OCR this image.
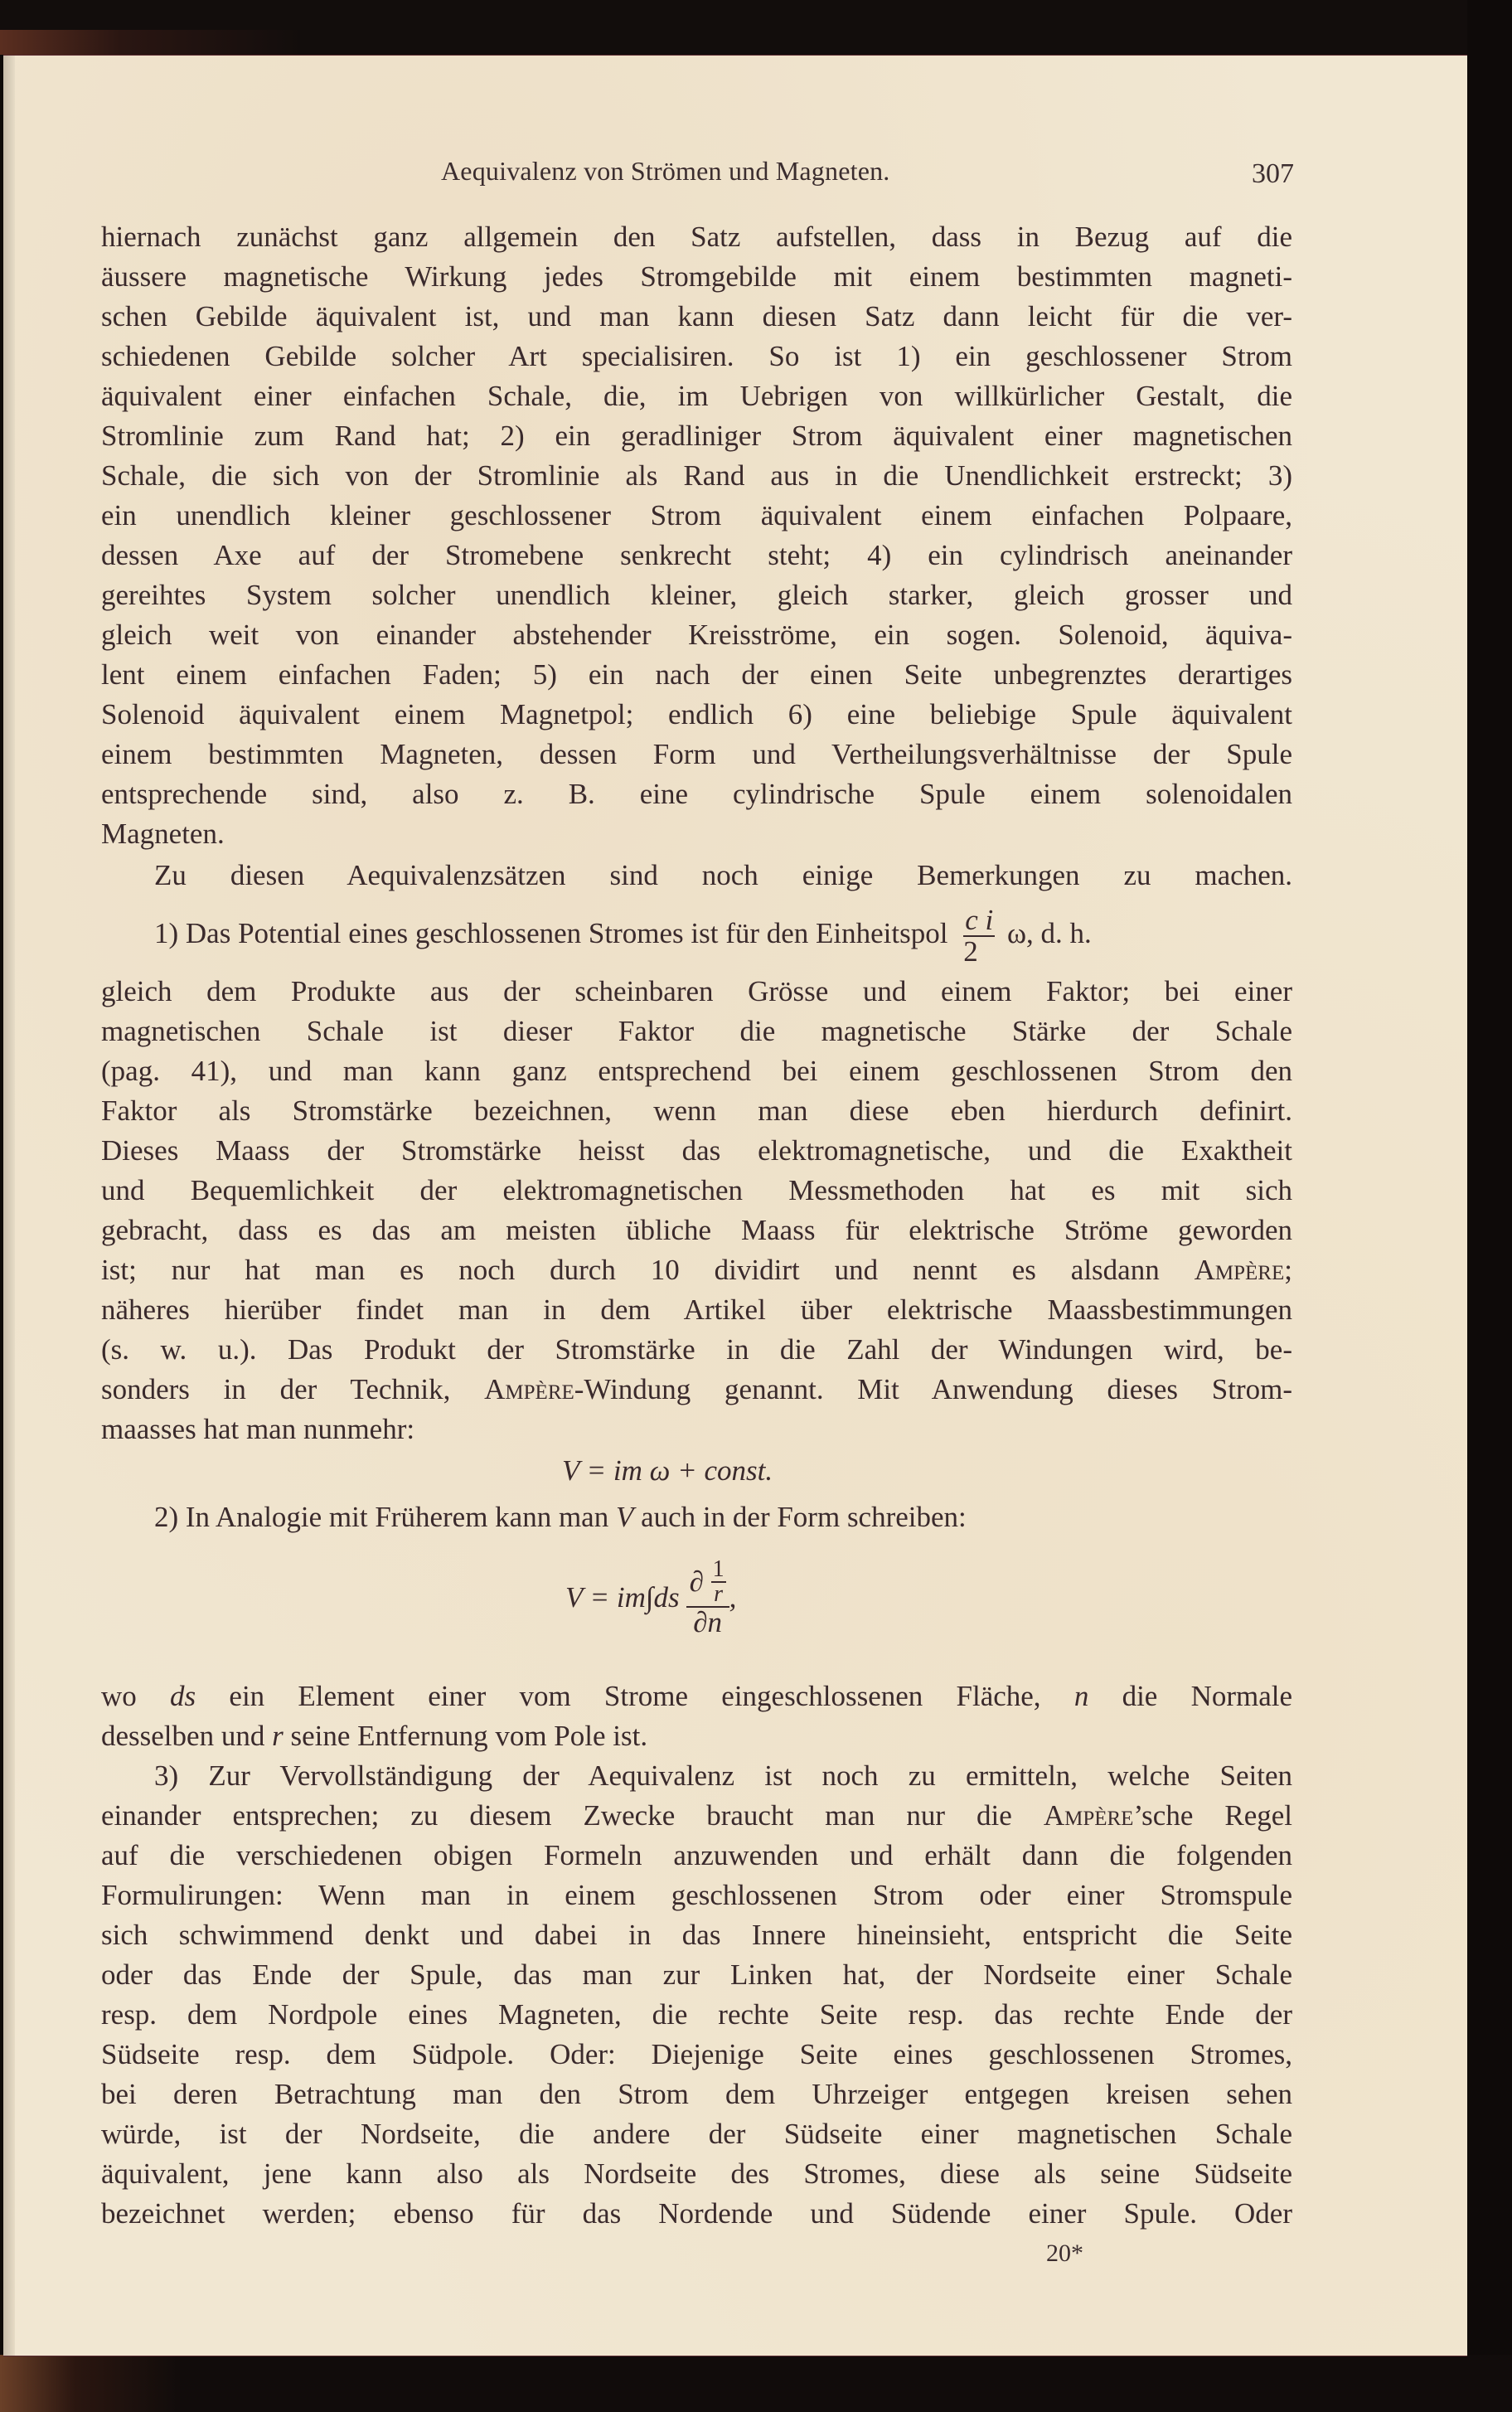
Aequivalenz von Strömen und Magneten.	307
hiernach zunächst ganz allgemein den Satz aufstellen, dass in Bezug auf die
äussere magnetische Wirkung jedes Stromgebilde mit einem bestimmten magneti-
schen Gebilde äquivalent ist, und man kann diesen Satz dann leicht für die ver-
schiedenen Gebilde solcher Art specialisiren. So ist 1) ein geschlossener Strom
äquivalent einer einfachen Schale, die, im Uebrigen von willkürlicher Gestalt, die
Stromlinie zum Rand hat; 2) ein geradliniger Strom äquivalent einer magnetischen
Schale, die sich von der Stromlinie als Rand aus in die Unendlichkeit erstreckt; 3)
ein unendlich kleiner geschlossener Strom äquivalent einem einfachen Polpaare,
dessen Axe auf der Stromebene senkrecht steht; 4) ein cylindrisch aneinander
gereihtes System solcher unendlich kleiner, gleich starker, gleich grosser und
gleich weit von einander abstehender Kreisströme, ein sogen. Solenoid, äquiva-
lent einem einfachen Faden; 5) ein nach der einen Seite unbegrenztes derartiges
Solenoid äquivalent einem Magnetpol; endlich 6) eine beliebige Spule äquivalent
einem bestimmten Magneten, dessen Form und Vertheilungsverhältnisse der Spule
entsprechende sind, also z. B. eine cylindrische Spule einem solenoidalen
Magneten.
Zu diesen Aequivalenzsätzen sind noch einige Bemerkungen zu machen.
1) Das Potential eines geschlossenen Stromes ist für den Einheitspol $\frac{\text{c i}}{2} \omega$, d. h.
gleich dem Produkte aus der scheinbaren Grösse und einem Faktor; bei einer
magnetischen Schale ist dieser Faktor die magnetische Stärke der Schale
(pag. 41), und man kann ganz entsprechend bei einem geschlossenen Strom den
Faktor als Stromstärke bezeichnen, wenn man diese eben hierdurch definirt.
Dieses Maass der Stromstärke heisst das elektromagnetische, und die Exaktheit
und Bequemlichkeit der elektromagnetischen Messmethoden hat es mit sich
gebracht, dass es das am meisten übliche Maass für elektrische Ströme geworden
ist; nur hat man es noch durch 10 dividirt und nennt es alsdann Ampère;
näheres hierüber findet man in dem Artikel über elektrische Maassbestimmungen
(s. w. u.). Das Produkt der Stromstärke in die Zahl der Windungen wird, be-
sonders in der Technik, Ampère-Windung genannt. Mit Anwendung dieses Strom-
maasses hat man nunmehr:
V = im ω + const.
2) In Analogie mit Früherem kann man V auch in der Form schreiben:
$V = im\int ds \frac{\partial \frac{1}{r}}{\partial n}$ ,
wo ds ein Element einer vom Strome eingeschlossenen Fläche, n die Normale
desselben und r seine Entfernung vom Pole ist.
3) Zur Vervollständigung der Aequivalenz ist noch zu ermitteln, welche Seiten
einander entsprechen; zu diesem Zwecke braucht man nur die Ampère’sche Regel
auf die verschiedenen obigen Formeln anzuwenden und erhält dann die folgenden
Formulirungen: Wenn man in einem geschlossenen Strom oder einer Stromspule
sich schwimmend denkt und dabei in das Innere hineinsieht, entspricht die Seite
oder das Ende der Spule, das man zur Linken hat, der Nordseite einer Schale
resp. dem Nordpole eines Magneten, die rechte Seite resp. das rechte Ende der
Südseite resp. dem Südpole. Oder: Diejenige Seite eines geschlossenen Stromes,
bei deren Betrachtung man den Strom dem Uhrzeiger entgegen kreisen sehen
würde, ist der Nordseite, die andere der Südseite einer magnetischen Schale
äquivalent, jene kann also als Nordseite des Stromes, diese als seine Südseite
bezeichnet werden; ebenso für das Nordende und Südende einer Spule. Oder
20*
